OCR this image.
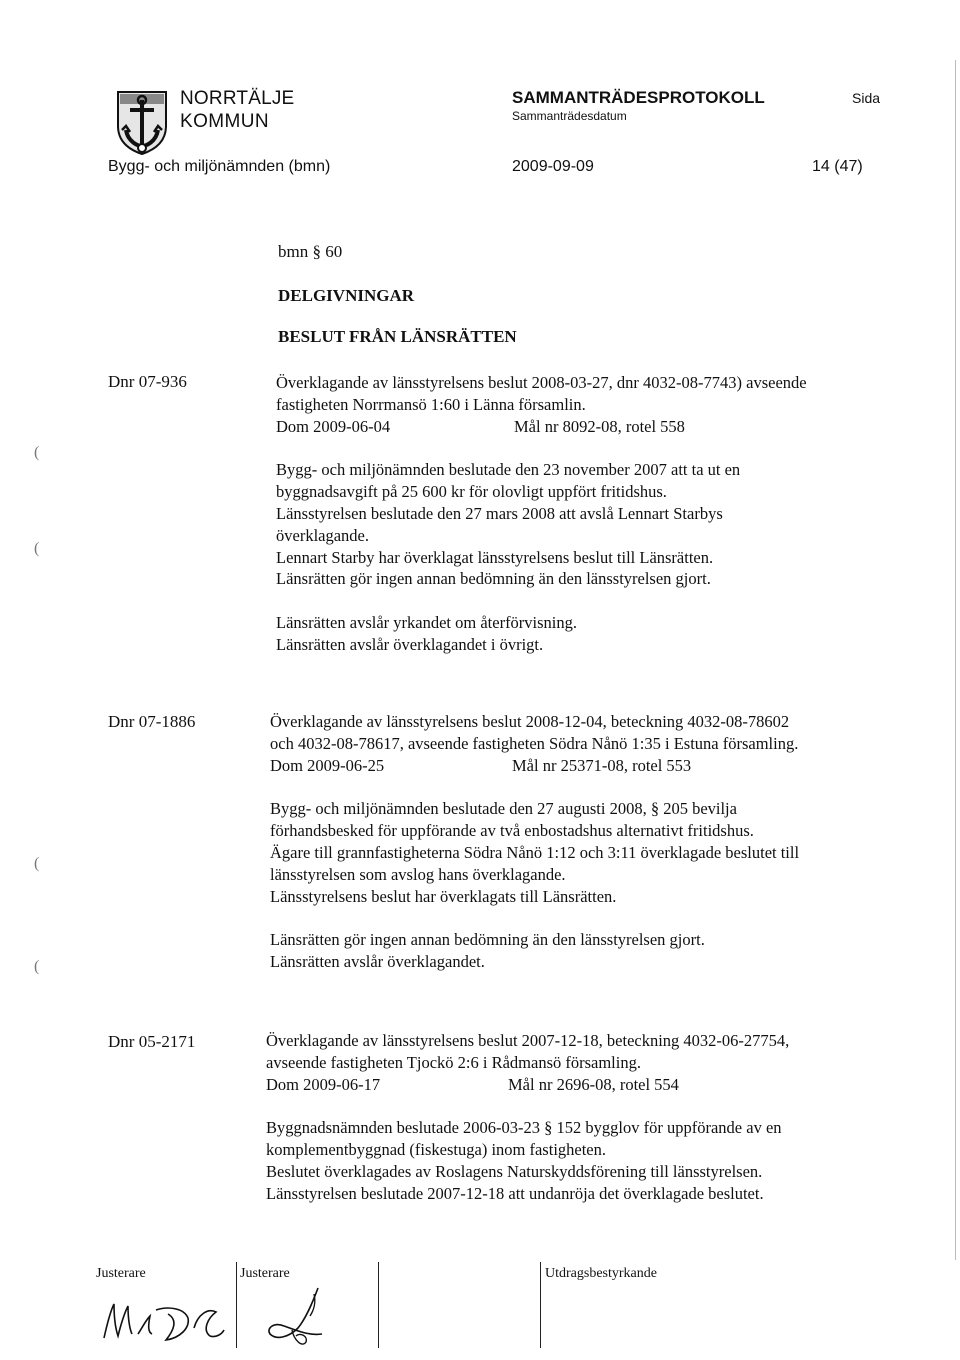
NORRTÄLJE
KOMMUN
SAMMANTRÄDESPROTOKOLL
Sammanträdesdatum
Sida
Bygg- och miljönämnden (bmn)	2009-09-09	14 (47)
bmn § 60
DELGIVNINGAR
BESLUT FRÅN LÄNSRÄTTEN
Dnr 07-936	Överklagande av länsstyrelsens beslut 2008-03-27, dnr 4032-08-7743) avseende

fastigheten Norrmansö 1:60 i Länna församlin.

Dom 2009-06-04	Mål nr 8092-08, rotel 558

Bygg- och miljönämnden beslutade den 23 november 2007 att ta ut en

byggnadsavgift på 25 600 kr för olovligt uppfört fritidshus.

Länsstyrelsen beslutade den 27 mars 2008 att avslå Lennart Starbys

överklagande.

Lennart Starby har överklagat länsstyrelsens beslut till Länsrätten.

Länsrätten gör ingen annan bedömning än den länsstyrelsen gjort.

Länsrätten avslår yrkandet om återförvisning.

Länsrätten avslår överklagandet i övrigt.

Dnr 07-1886	Överklagande av länsstyrelsens beslut 2008-12-04, beteckning 4032-08-78602

och 4032-08-78617, avseende fastigheten Södra Nånö 1:35 i Estuna församling.

Dom 2009-06-25	Mål nr 25371-08, rotel 553

Bygg- och miljönämnden beslutade den 27 augusti 2008, § 205 bevilja

förhandsbesked för uppförande av två enbostadshus alternativt fritidshus.

Ägare till grannfastigheterna Södra Nånö 1:12 och 3:11 överklagade beslutet till

länsstyrelsen som avslog hans överklagande.

Länsstyrelsens beslut har överklagats till Länsrätten.

Länsrätten gör ingen annan bedömning än den länsstyrelsen gjort.

Länsrätten avslår överklagandet.

Dnr 05-2171	Överklagande av länsstyrelsens beslut 2007-12-18, beteckning 4032-06-27754,

avseende fastigheten Tjockö 2:6 i Rådmansö församling.

Dom 2009-06-17	Mål nr 2696-08, rotel 554

Byggnadsnämnden beslutade 2006-03-23 § 152 bygglov för uppförande av en

komplementbyggnad (fiskestuga) inom fastigheten.

Beslutet överklagades av Roslagens Naturskyddsförening till länsstyrelsen.

Länsstyrelsen beslutade 2007-12-18 att undanröja det överklagade beslutet.

Justerare	Justerare	Utdragsbestyrkande
(
(
(
(
